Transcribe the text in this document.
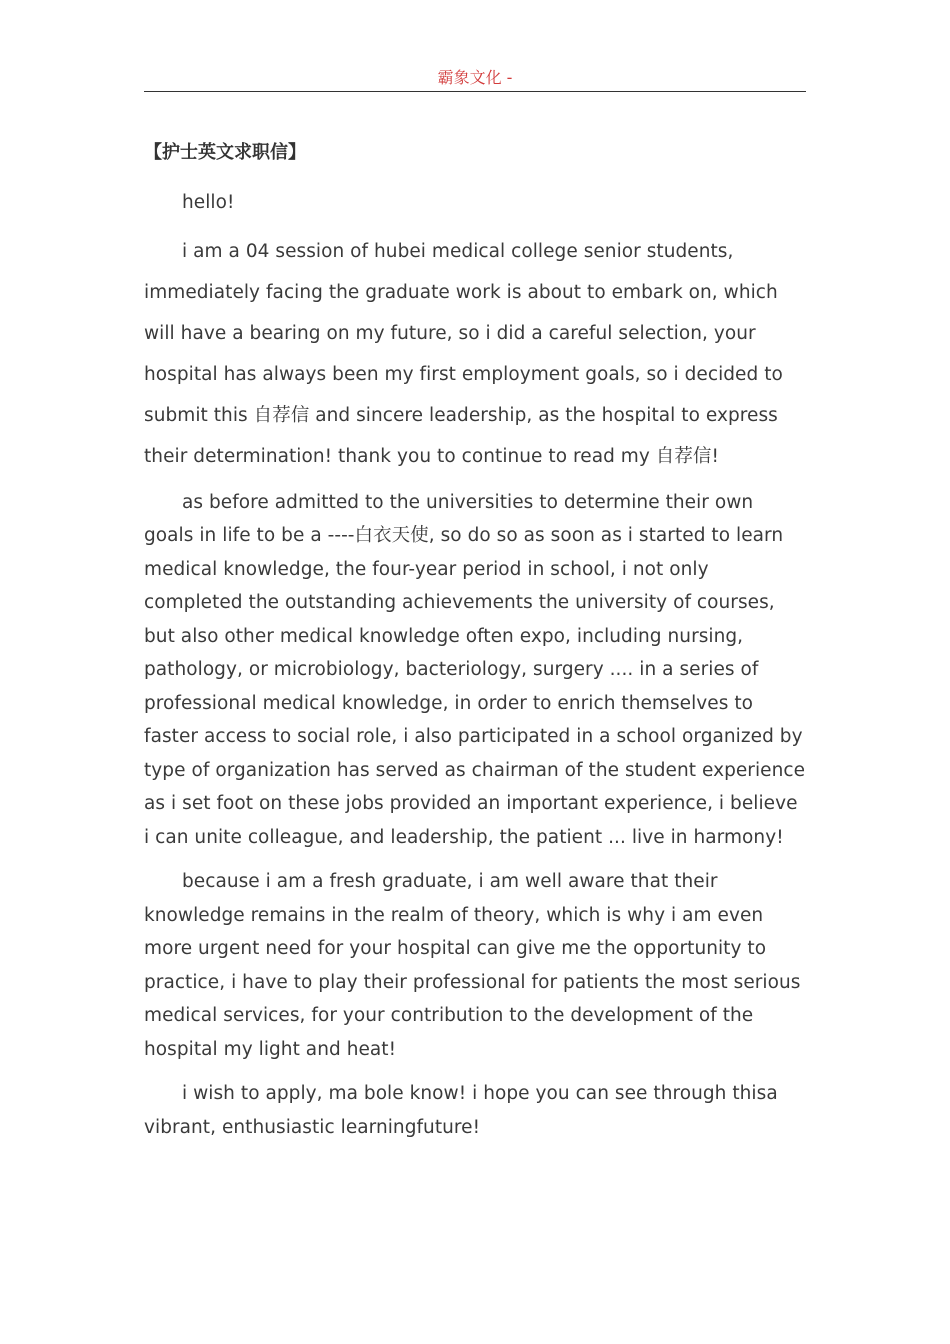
霸象文化 -
【护士英文求职信】

hello!

i am a 04 session of hubei medical college senior students, immediately facing the graduate work is about to embark on, which will have a bearing on my future, so i did a careful selection, your hospital has always been my first employment goals, so i decided to submit this 自荐信 and sincere leadership, as the hospital to express their determination! thank you to continue to read my 自荐信!

as before admitted to the universities to determine their own goals in life to be a ----白衣天使, so do so as soon as i started to learn medical knowledge, the four-year period in school, i not only completed the outstanding achievements the university of courses, but also other medical knowledge often expo, including nursing, pathology, or microbiology, bacteriology, surgery .... in a series of professional medical knowledge, in order to enrich themselves to faster access to social role, i also participated in a school organized by type of organization has served as chairman of the student experience as i set foot on these jobs provided an important experience, i believe i can unite colleague, and leadership, the patient ... live in harmony!

because i am a fresh graduate, i am well aware that their knowledge remains in the realm of theory, which is why i am even more urgent need for your hospital can give me the opportunity to practice, i have to play their professional for patients the most serious medical services, for your contribution to the development of the hospital my light and heat!

i wish to apply, ma bole know! i hope you can see through thisa vibrant, enthusiastic learningfuture!
